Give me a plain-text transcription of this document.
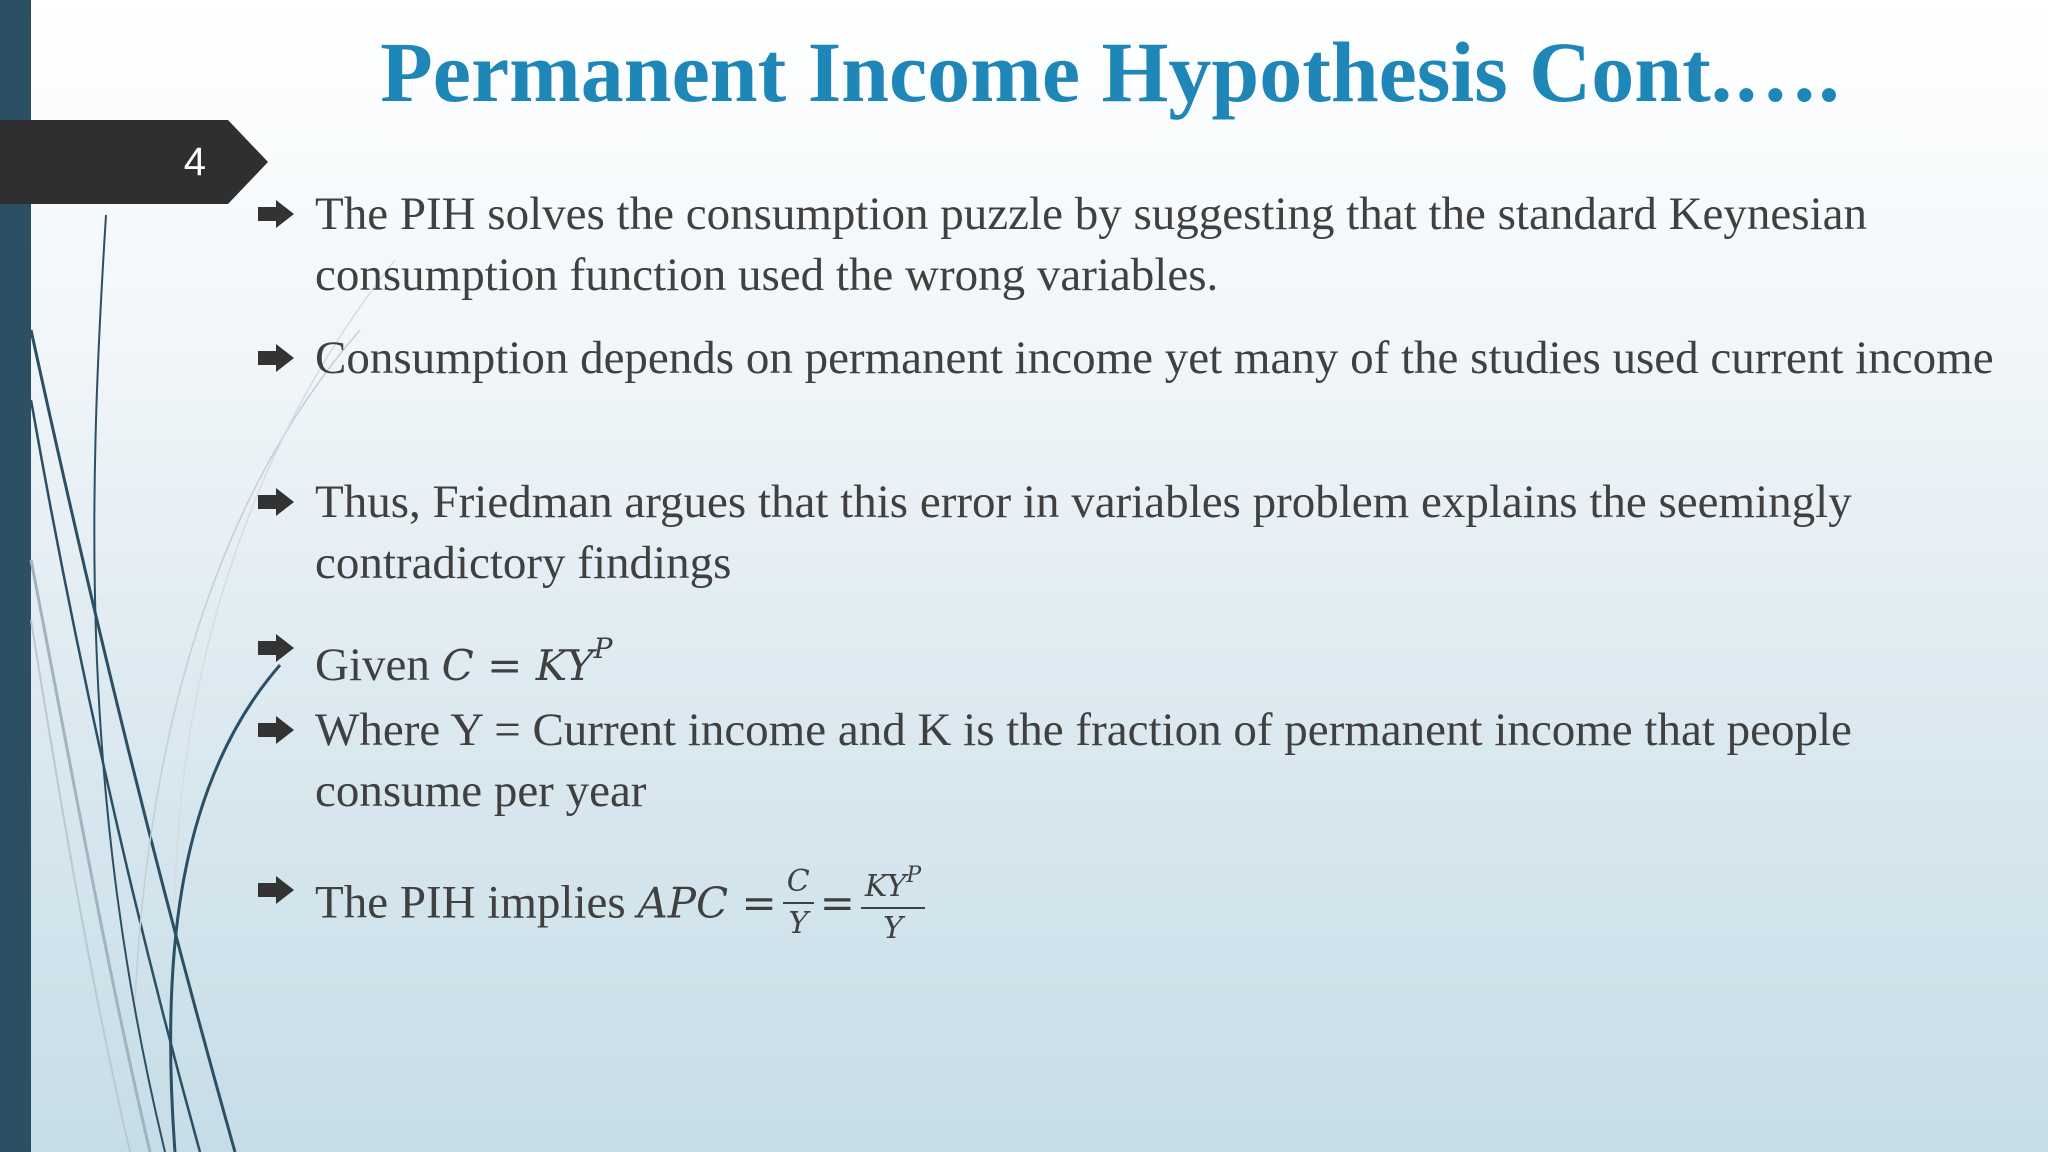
4
Permanent Income Hypothesis Cont.….
The PIH solves the consumption puzzle by suggesting that the standard Keynesian consumption function used the wrong variables.
Consumption depends on permanent income yet many of the studies used current income
Thus, Friedman argues that this error in variables problem explains the seemingly contradictory findings
Given $C = KY^P$
Where Y = Current income and K is the fraction of permanent income that people consume per year
The PIH implies APC = $\frac{C}{Y} = \frac{KY^P}{Y}$
